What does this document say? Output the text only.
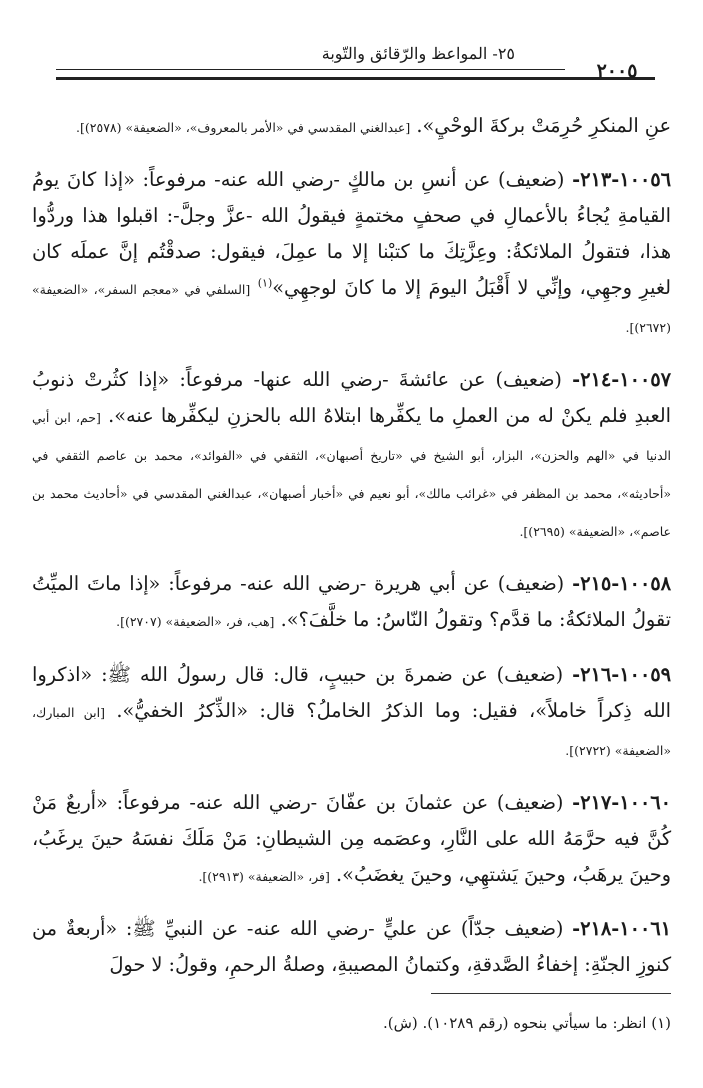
٢٥- المواعظ والرّقائق والتّوبة
٢٠٠٥

عنِ المنكرِ حُرِمَتْ بركةَ الوحْيِ». [عبدالغني المقدسي في «الأمر بالمعروف»، «الضعيفة» (٢٥٧٨)].

١٠٠٥٦-٢١٣- (ضعيف) عن أنسِ بن مالكٍ -رضي الله عنه- مرفوعاً: «إذا كانَ يومُ القيامةِ يُجاءُ بالأعمالِ في صحفٍ مختمةٍ فيقولُ الله -عزَّ وجلَّ-: اقبلوا هذا وردُّوا هذا، فتقولُ الملائكةُ: وعِزَّتِكَ ما كتبْنا إلا ما عمِلَ، فيقول: صدقْتُم إنَّ عملَه كان لغيرِ وجهِي، وإنِّي لا أَقْبَلُ اليومَ إلا ما كانَ لوجهِي»$^{(١)}$ [السلفي في «معجم السفر»، «الضعيفة» (٢٦٧٢)].

١٠٠٥٧-٢١٤- (ضعيف) عن عائشةَ -رضي الله عنها- مرفوعاً: «إذا كثُرتْ ذنوبُ العبدِ فلم يكنْ له من العملِ ما يكفِّرها ابتلاهُ الله بالحزنِ ليكفِّرها عنه». [حم، ابن أبي الدنيا في «الهم والحزن»، البزار، أبو الشيخ في «تاريخ أصبهان»، الثقفي في «الفوائد»، محمد بن عاصم الثقفي في «أحاديثه»، محمد بن المظفر في «غرائب مالك»، أبو نعيم في «أخبار أصبهان»، عبدالغني المقدسي في «أحاديث محمد بن عاصم»، «الضعيفة» (٢٦٩٥)].

١٠٠٥٨-٢١٥- (ضعيف) عن أبي هريرة -رضي الله عنه- مرفوعاً: «إذا ماتَ الميِّتُ تقولُ الملائكةُ: ما قدَّم؟ وتقولُ النّاسُ: ما خلَّفَ؟». [هب، فر، «الضعيفة» (٢٧٠٧)].

١٠٠٥٩-٢١٦- (ضعيف) عن ضمرةَ بن حبيبٍ، قال: قال رسولُ الله ﷺ: «اذكروا الله ذِكراً خاملاً»، فقيل: وما الذكرُ الخاملُ؟ قال: «الذِّكرُ الخفيُّ». [ابن المبارك، «الضعيفة» (٢٧٢٢)].

١٠٠٦٠-٢١٧- (ضعيف) عن عثمانَ بن عفّانَ -رضي الله عنه- مرفوعاً: «أربعٌ مَنْ كُنَّ فيه حرَّمَهُ الله على النَّارِ، وعصَمه مِن الشيطانِ: مَنْ مَلَكَ نفسَهُ حينَ يرغَبُ، وحينَ يرهَبُ، وحينَ يَشتهِي، وحينَ يغضَبُ». [فر، «الضعيفة» (٢٩١٣)].

١٠٠٦١-٢١٨- (ضعيف جدّاً) عن عليٍّ -رضي الله عنه- عن النبيِّ ﷺ: «أربعةٌ من كنوزِ الجنّةِ: إخفاءُ الصَّدقةِ، وكتمانُ المصيبةِ، وصلةُ الرحمِ، وقولُ: لا حولَ

(١) انظر: ما سيأتي بنحوه (رقم ١٠٢٨٩). (ش).
